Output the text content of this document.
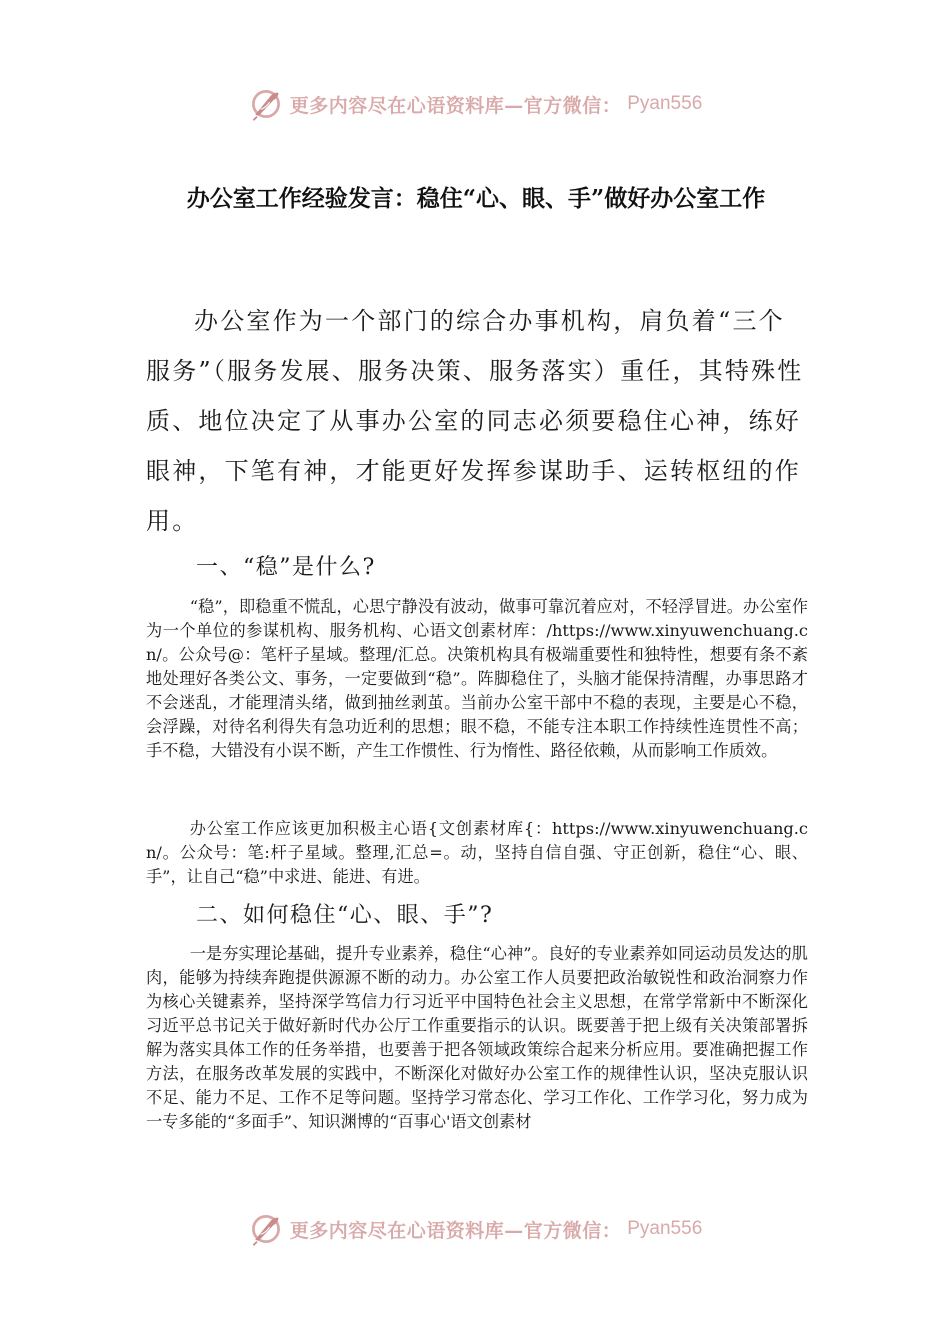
更多内容尽在心语资料库—官方微信： Pyan556
办公室工作经验发言：稳住“心、眼、手”做好办公室工作

办公室作为一个部门的综合办事机构，肩负着“三个服务”（服务发展、服务决策、服务落实）重任，其特殊性质、地位决定了从事办公室的同志必须要稳住心神，练好眼神，下笔有神，才能更好发挥参谋助手、运转枢纽的作用。

一、“稳”是什么?

“稳”，即稳重不慌乱，心思宁静没有波动，做事可靠沉着应对，不轻浮冒进。办公室作为一个单位的参谋机构、服务机构、心语文创素材库：/https://www.xinyuwenchuang.cn/。公众号@：笔杆子星域。整理/汇总。决策机构具有极端重要性和独特性，想要有条不紊地处理好各类公文、事务，一定要做到“稳”。阵脚稳住了，头脑才能保持清醒，办事思路才不会迷乱，才能理清头绪，做到抽丝剥茧。当前办公室干部中不稳的表现，主要是心不稳，会浮躁，对待名利得失有急功近利的思想；眼不稳，不能专注本职工作持续性连贯性不高；手不稳，大错没有小误不断，产生工作惯性、行为惰性、路径依赖，从而影响工作质效。

办公室工作应该更加积极主心语{文创素材库{：https://www.xinyuwenchuang.cn/。公众号：笔:杆子星域。整理,汇总=。动，坚持自信自强、守正创新，稳住“心、眼、手”，让自己“稳”中求进、能进、有进。

二、如何稳住“心、眼、手”?

一是夯实理论基础，提升专业素养，稳住“心神”。良好的专业素养如同运动员发达的肌肉，能够为持续奔跑提供源源不断的动力。办公室工作人员要把政治敏锐性和政治洞察力作为核心关键素养，坚持深学笃信力行习近平中国特色社会主义思想，在常学常新中不断深化习近平总书记关于做好新时代办公厅工作重要指示的认识。既要善于把上级有关决策部署拆解为落实具体工作的任务举措，也要善于把各领域政策综合起来分析应用。要准确把握工作方法，在服务改革发展的实践中，不断深化对做好办公室工作的规律性认识，坚决克服认识不足、能力不足、工作不足等问题。坚持学习常态化、学习工作化、工作学习化，努力成为一专多能的“多面手”、知识渊博的“百事心'语文创素材

更多内容尽在心语资料库—官方微信： Pyan556
